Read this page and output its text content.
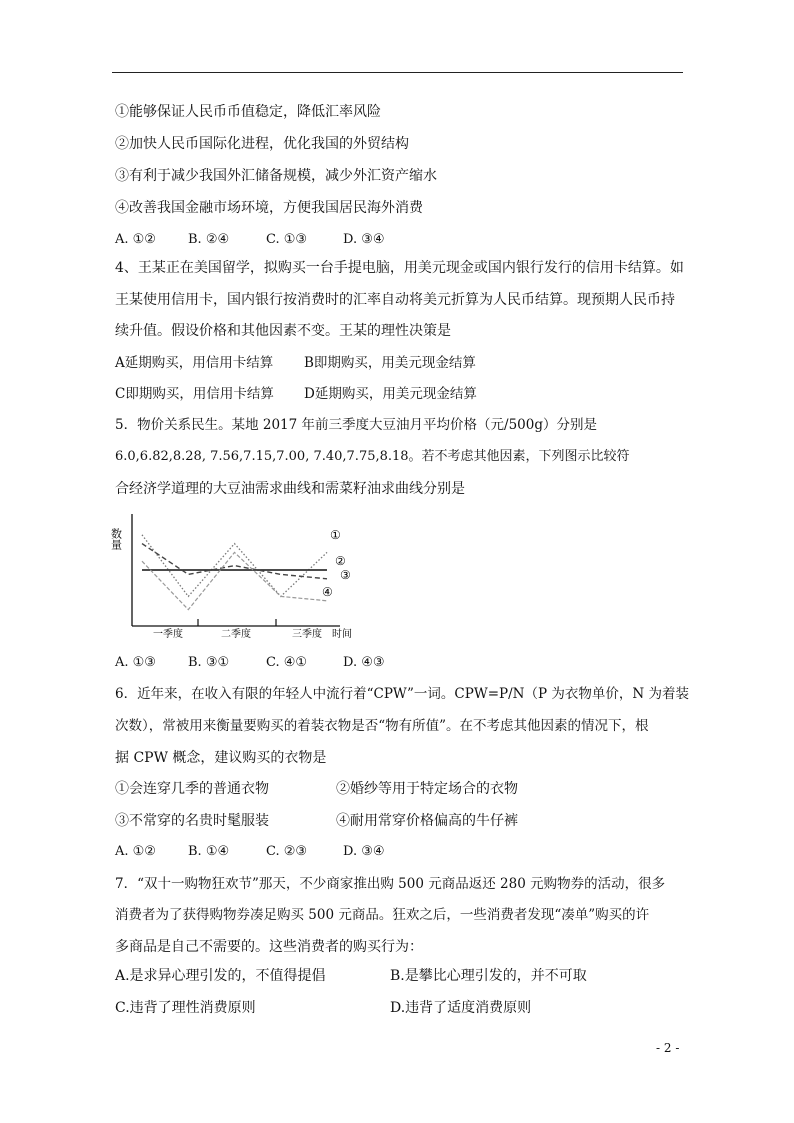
①能够保证人民币币值稳定，降低汇率风险
②加快人民币国际化进程，优化我国的外贸结构
③有利于减少我国外汇储备规模，减少外汇资产缩水
④改善我国金融市场环境，方便我国居民海外消费
A. ①② B. ②④	C. ①③	D. ③④
4、王某正在美国留学，拟购买一台手提电脑，用美元现金或国内银行发行的信用卡结算。如
王某使用信用卡，国内银行按消费时的汇率自动将美元折算为人民币结算。现预期人民币持
续升值。假设价格和其他因素不变。王某的理性决策是
A延期购买，用信用卡结算 B即期购买，用美元现金结算
C即期购买，用信用卡结算 D延期购买，用美元现金结算
5．物价关系民生。某地 2017 年前三季度大豆油月平均价格（元/500g）分别是
6.0,6.82,8.28, 7.56,7.15,7.00, 7.40,7.75,8.18。若不考虑其他因素，下列图示比较符
合经济学道理的大豆油需求曲线和需菜籽油求曲线分别是
数量
时间
一季度	二季度	三季度
①
②
③
④
A. ①③ B. ③①	C. ④①	D. ④③
6．近年来，在收入有限的年轻人中流行着“CPW”一词。CPW=P/N（P 为衣物单价，N 为着装
次数），常被用来衡量要购买的着装衣物是否“物有所值”。在不考虑其他因素的情况下，根
据 CPW 概念，建议购买的衣物是
①会连穿几季的普通衣物	②婚纱等用于特定场合的衣物
③不常穿的名贵时髦服装	④耐用常穿价格偏高的牛仔裤
A. ①② B. ①④	C. ②③	D. ③④
7．“双十一购物狂欢节”那天，不少商家推出购 500 元商品返还 280 元购物券的活动，很多
消费者为了获得购物券凑足购买 500 元商品。狂欢之后，一些消费者发现“凑单”购买的许
多商品是自己不需要的。这些消费者的购买行为：
A.是求异心理引发的，不值得提倡	B.是攀比心理引发的，并不可取
C.违背了理性消费原则	D.违背了适度消费原则
- 2 -
